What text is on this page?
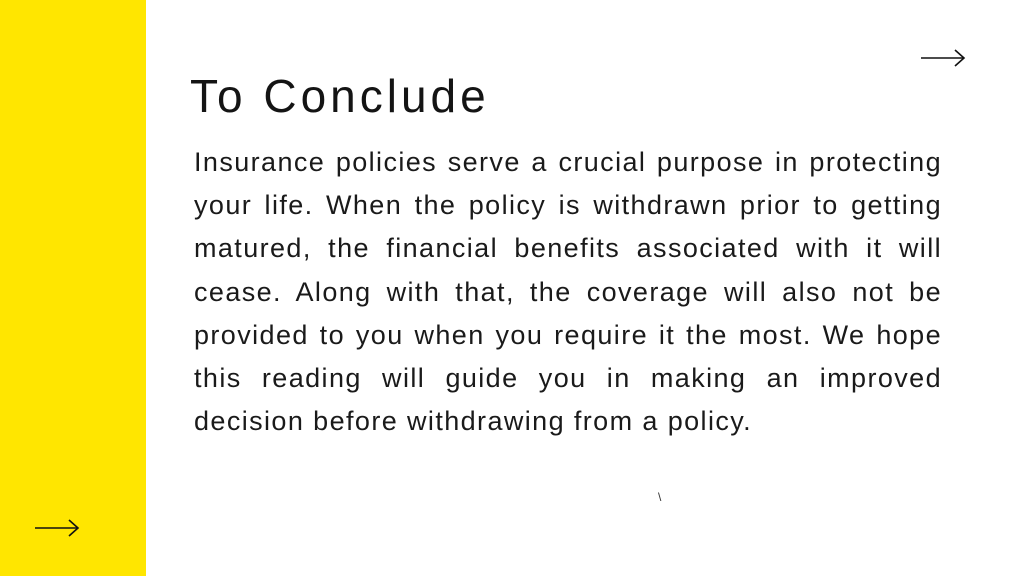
To Conclude

Insurance policies serve a crucial purpose in protecting your life. When the policy is withdrawn prior to getting matured, the financial benefits associated with it will cease. Along with that, the coverage will also not be provided to you when you require it the most. We hope this reading will guide you in making an improved decision before withdrawing from a policy.

\
